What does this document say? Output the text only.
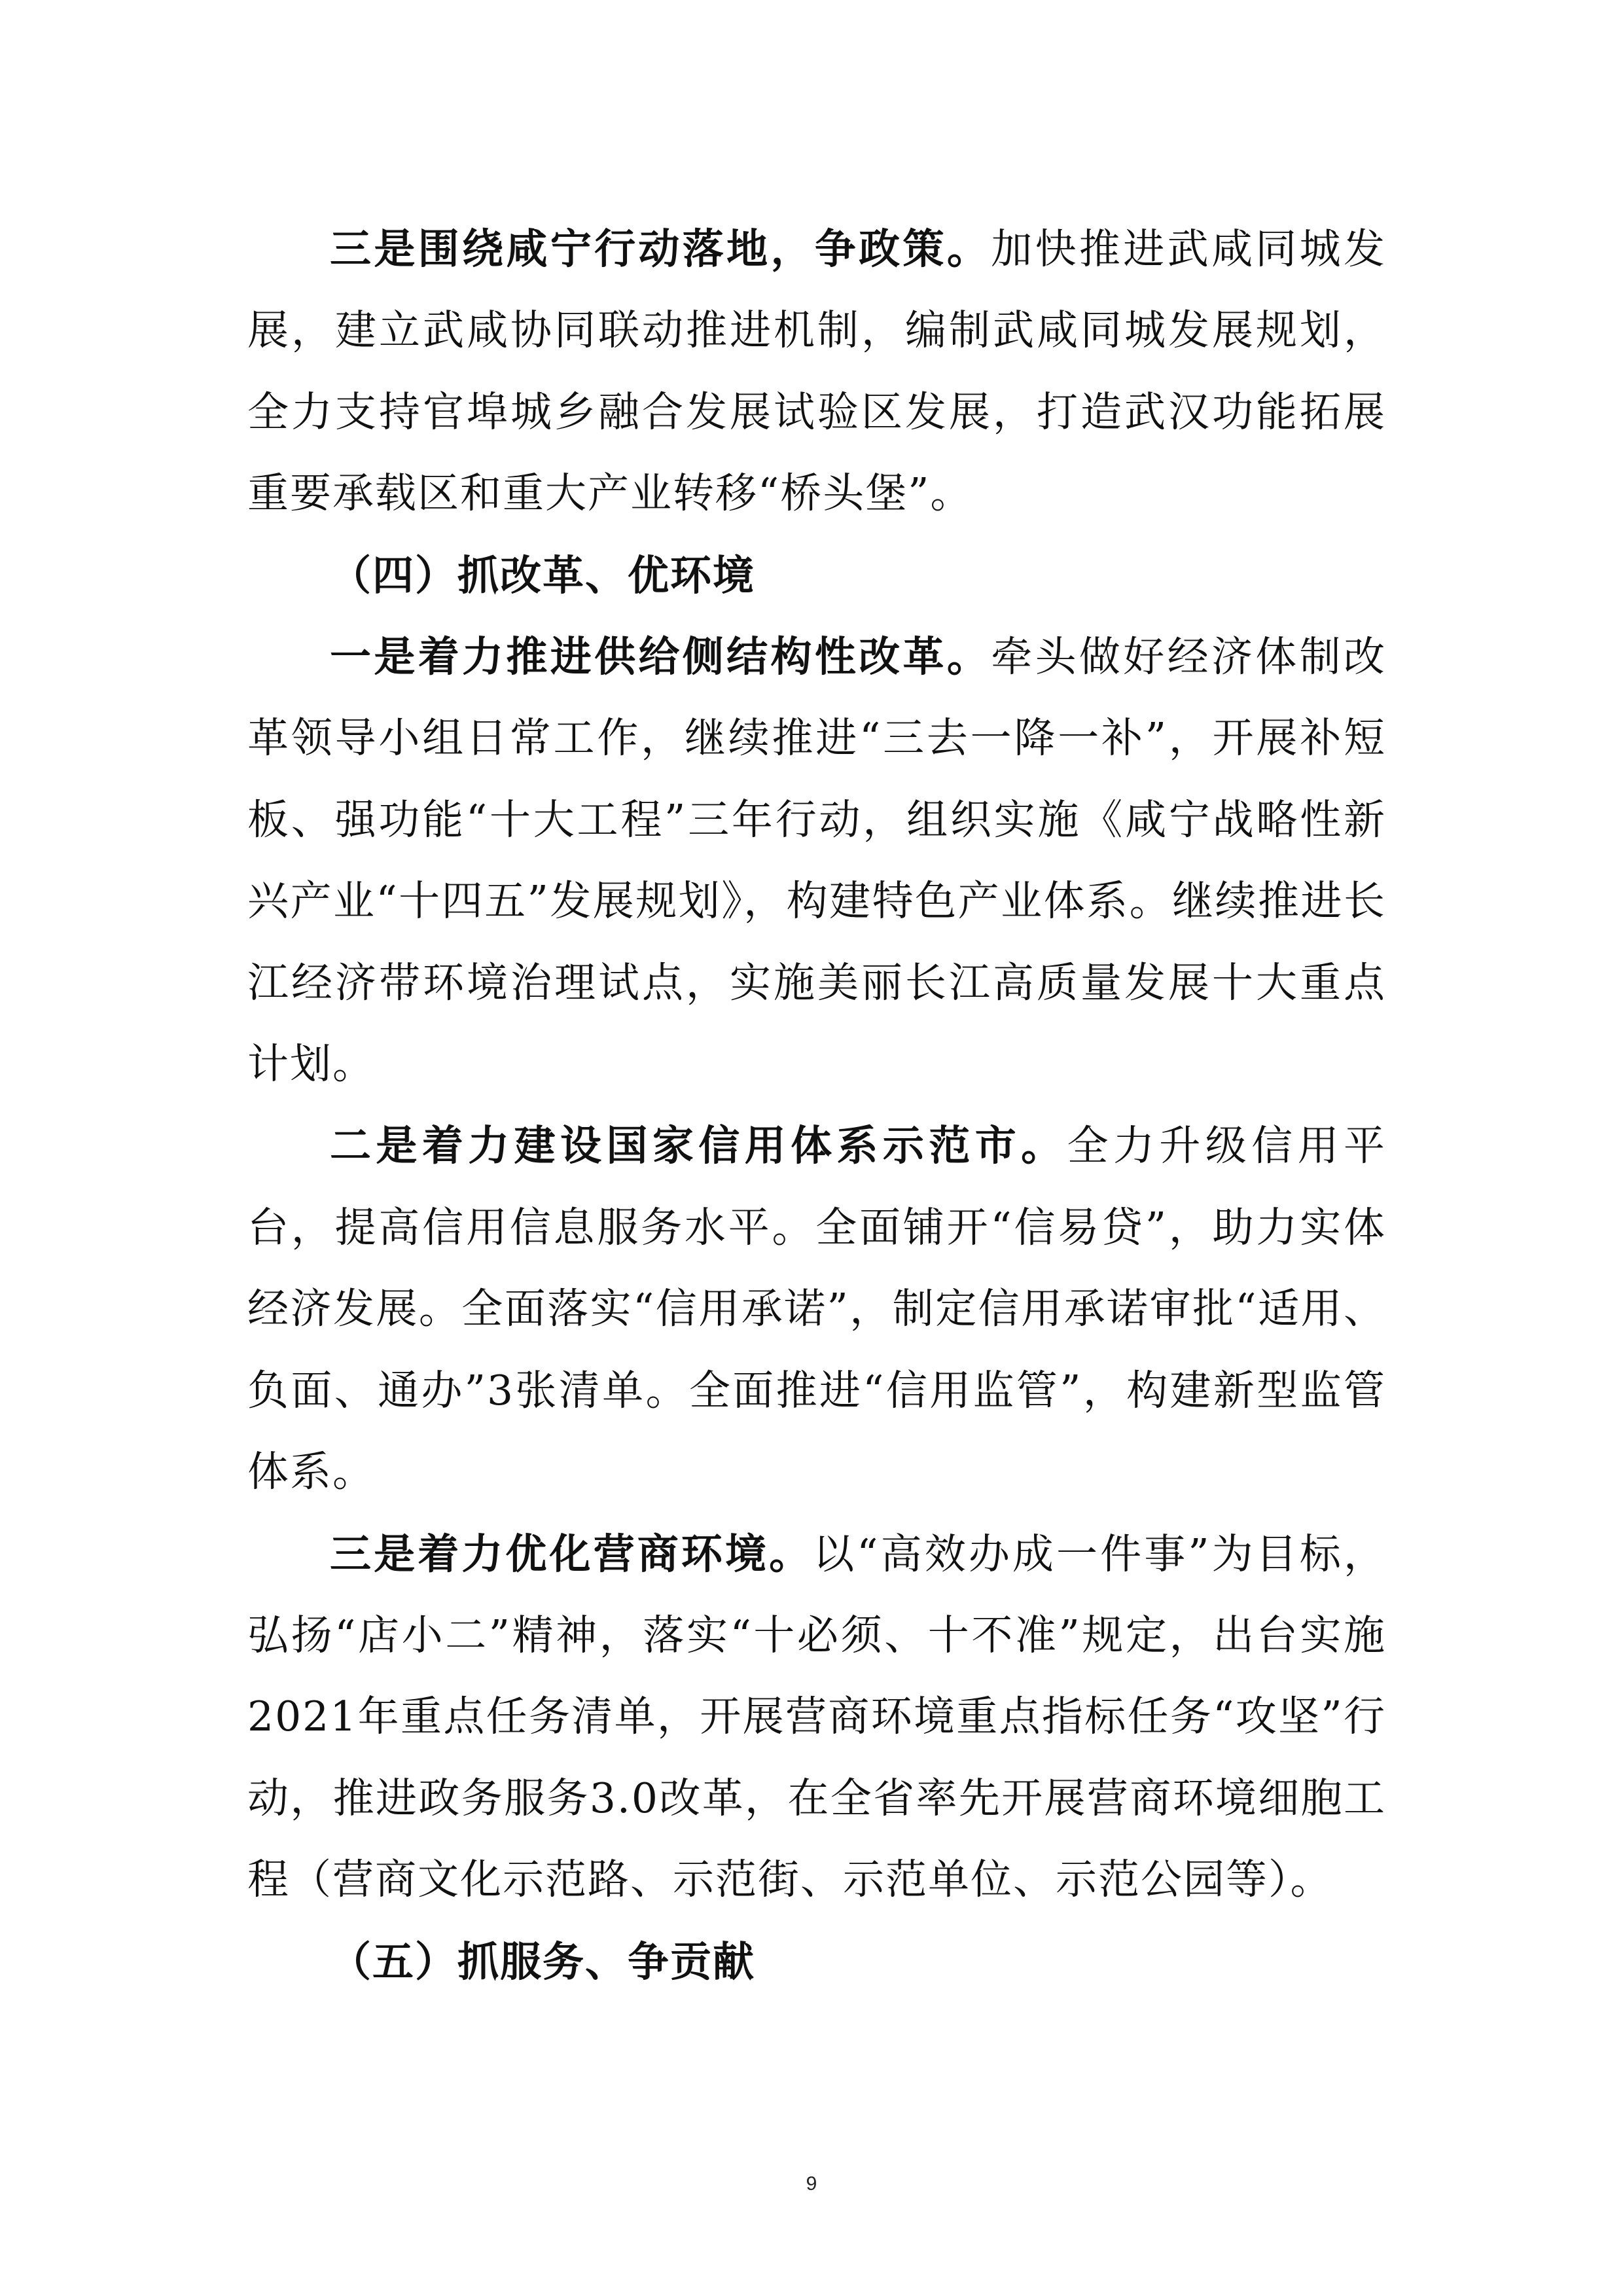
三是围绕咸宁行动落地，争政策。加快推进武咸同城发展，建立武咸协同联动推进机制，编制武咸同城发展规划，全力支持官埠城乡融合发展试验区发展，打造武汉功能拓展重要承载区和重大产业转移“桥头堡”。

（四）抓改革、优环境

一是着力推进供给侧结构性改革。牵头做好经济体制改革领导小组日常工作，继续推进“三去一降一补”，开展补短板、强功能“十大工程”三年行动，组织实施《咸宁战略性新兴产业“十四五”发展规划》，构建特色产业体系。继续推进长江经济带环境治理试点，实施美丽长江高质量发展十大重点计划。

二是着力建设国家信用体系示范市。全力升级信用平台，提高信用信息服务水平。全面铺开“信易贷”，助力实体经济发展。全面落实“信用承诺”，制定信用承诺审批“适用、负面、通办”3张清单。全面推进“信用监管”，构建新型监管体系。

三是着力优化营商环境。以“高效办成一件事”为目标，弘扬“店小二”精神，落实“十必须、十不准”规定，出台实施2021年重点任务清单，开展营商环境重点指标任务“攻坚”行动，推进政务服务3.0改革，在全省率先开展营商环境细胞工程（营商文化示范路、示范街、示范单位、示范公园等）。

（五）抓服务、争贡献

9
